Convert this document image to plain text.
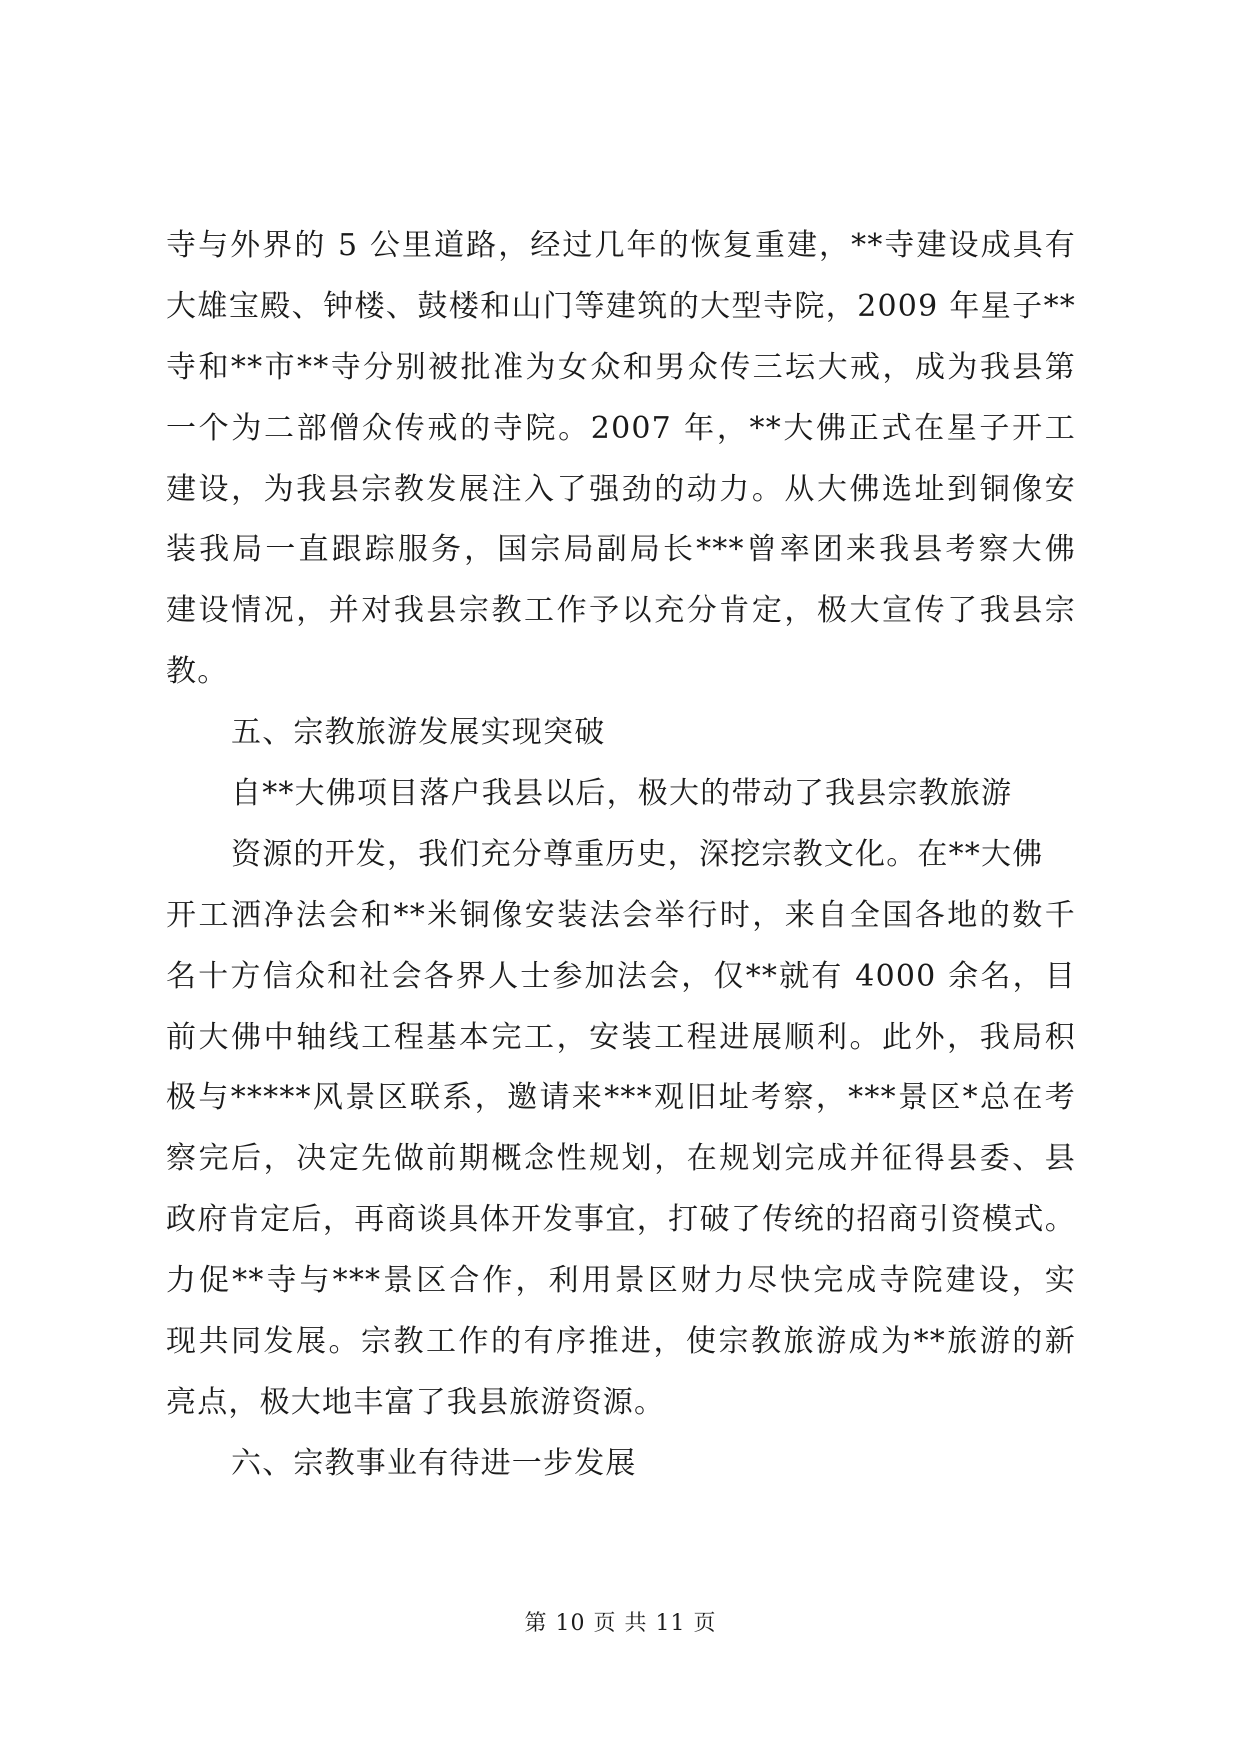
寺与外界的 5 公里道路，经过几年的恢复重建，**寺建设成具有
大雄宝殿、钟楼、鼓楼和山门等建筑的大型寺院，2009 年星子**
寺和**市**寺分别被批准为女众和男众传三坛大戒，成为我县第
一个为二部僧众传戒的寺院。2007 年，**大佛正式在星子开工
建设，为我县宗教发展注入了强劲的动力。从大佛选址到铜像安
装我局一直跟踪服务，国宗局副局长***曾率团来我县考察大佛
建设情况，并对我县宗教工作予以充分肯定，极大宣传了我县宗
教。
五、宗教旅游发展实现突破
自**大佛项目落户我县以后，极大的带动了我县宗教旅游
资源的开发，我们充分尊重历史，深挖宗教文化。在**大佛
开工洒净法会和**米铜像安装法会举行时，来自全国各地的数千
名十方信众和社会各界人士参加法会，仅**就有 4000 余名，目
前大佛中轴线工程基本完工，安装工程进展顺利。此外，我局积
极与*****风景区联系，邀请来***观旧址考察，***景区*总在考
察完后，决定先做前期概念性规划，在规划完成并征得县委、县
政府肯定后，再商谈具体开发事宜，打破了传统的招商引资模式。
力促**寺与***景区合作，利用景区财力尽快完成寺院建设，实
现共同发展。宗教工作的有序推进，使宗教旅游成为**旅游的新
亮点，极大地丰富了我县旅游资源。
六、宗教事业有待进一步发展
第 10 页 共 11 页
